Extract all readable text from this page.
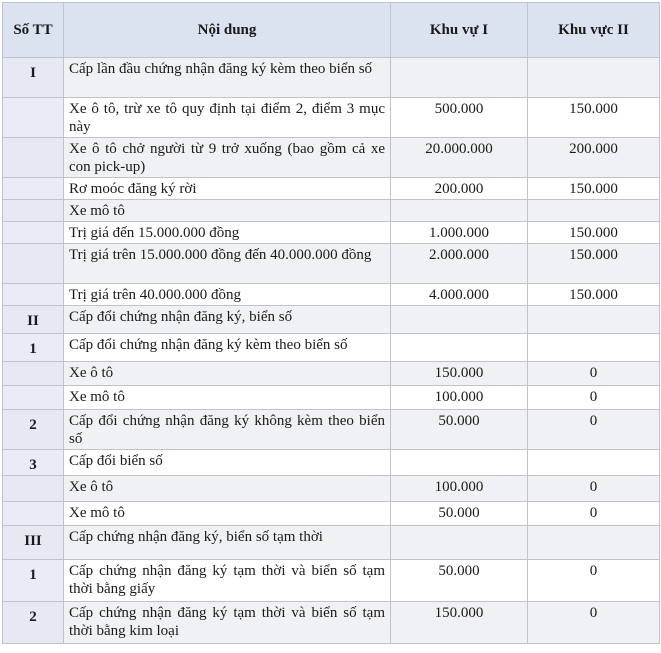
Số TT	Nội dung	Khu vự I	Khu vực II
I	Cấp lần đầu chứng nhận đăng ký kèm theo biển số		
	Xe ô tô, trừ xe tô quy định tại điểm 2, điểm 3 mục này	500.000	150.000
	Xe ô tô chở người từ 9 trở xuống (bao gồm cả xe con pick-up)	20.000.000	200.000
	Rơ moóc đăng ký rời	200.000	150.000
	Xe mô tô		
	Trị giá đến 15.000.000 đồng	1.000.000	150.000
	Trị giá trên 15.000.000 đồng đến 40.000.000 đồng	2.000.000	150.000
	Trị giá trên 40.000.000 đồng	4.000.000	150.000
II	Cấp đổi chứng nhận đăng ký, biển số		
1	Cấp đổi chứng nhận đăng ký kèm theo biển số		
	Xe ô tô	150.000	0
	Xe mô tô	100.000	0
2	Cấp đổi chứng nhận đăng ký không kèm theo biển số	50.000	0
3	Cấp đổi biển số		
	Xe ô tô	100.000	0
	Xe mô tô	50.000	0
III	Cấp chứng nhận đăng ký, biển số tạm thời		
1	Cấp chứng nhận đăng ký tạm thời và biển số tạm thời bằng giấy	50.000	0
2	Cấp chứng nhận đăng ký tạm thời và biển số tạm thời bằng kim loại	150.000	0
